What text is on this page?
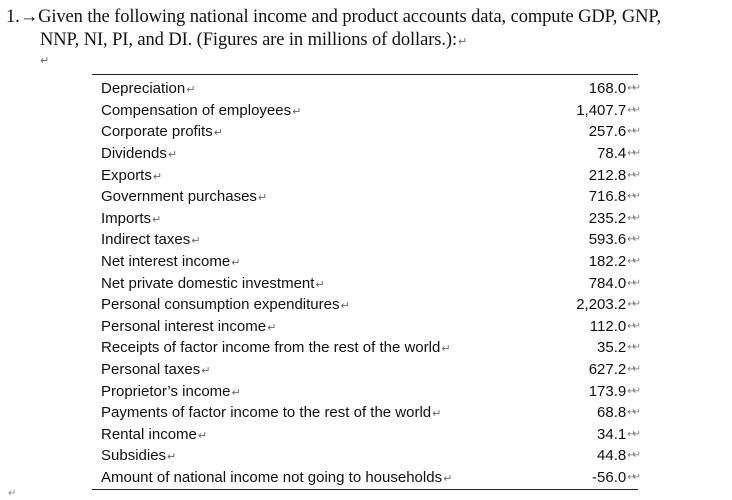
1.→Given the following national income and product accounts data, compute GDP, GNP,
NNP, NI, PI, and DI. (Figures are in millions of dollars.):↵
↵
Depreciation↵	168.0 ↵↵
Compensation of employees↵	1,407.7 ↵↵
Corporate profits↵	257.6 ↵↵
Dividends↵	78.4 ↵↵
Exports↵	212.8 ↵↵
Government purchases↵	716.8 ↵↵
Imports↵	235.2 ↵↵
Indirect taxes↵	593.6 ↵↵
Net interest income↵	182.2 ↵↵
Net private domestic investment↵	784.0 ↵↵
Personal consumption expenditures↵	2,203.2 ↵↵
Personal interest income↵	112.0 ↵↵
Receipts of factor income from the rest of the world↵	35.2 ↵↵
Personal taxes↵	627.2 ↵↵
Proprietor’s income↵	173.9 ↵↵
Payments of factor income to the rest of the world↵	68.8 ↵↵
Rental income↵	34.1 ↵↵
Subsidies↵	44.8 ↵↵
Amount of national income not going to households↵	-56.0 ↵↵
↵
